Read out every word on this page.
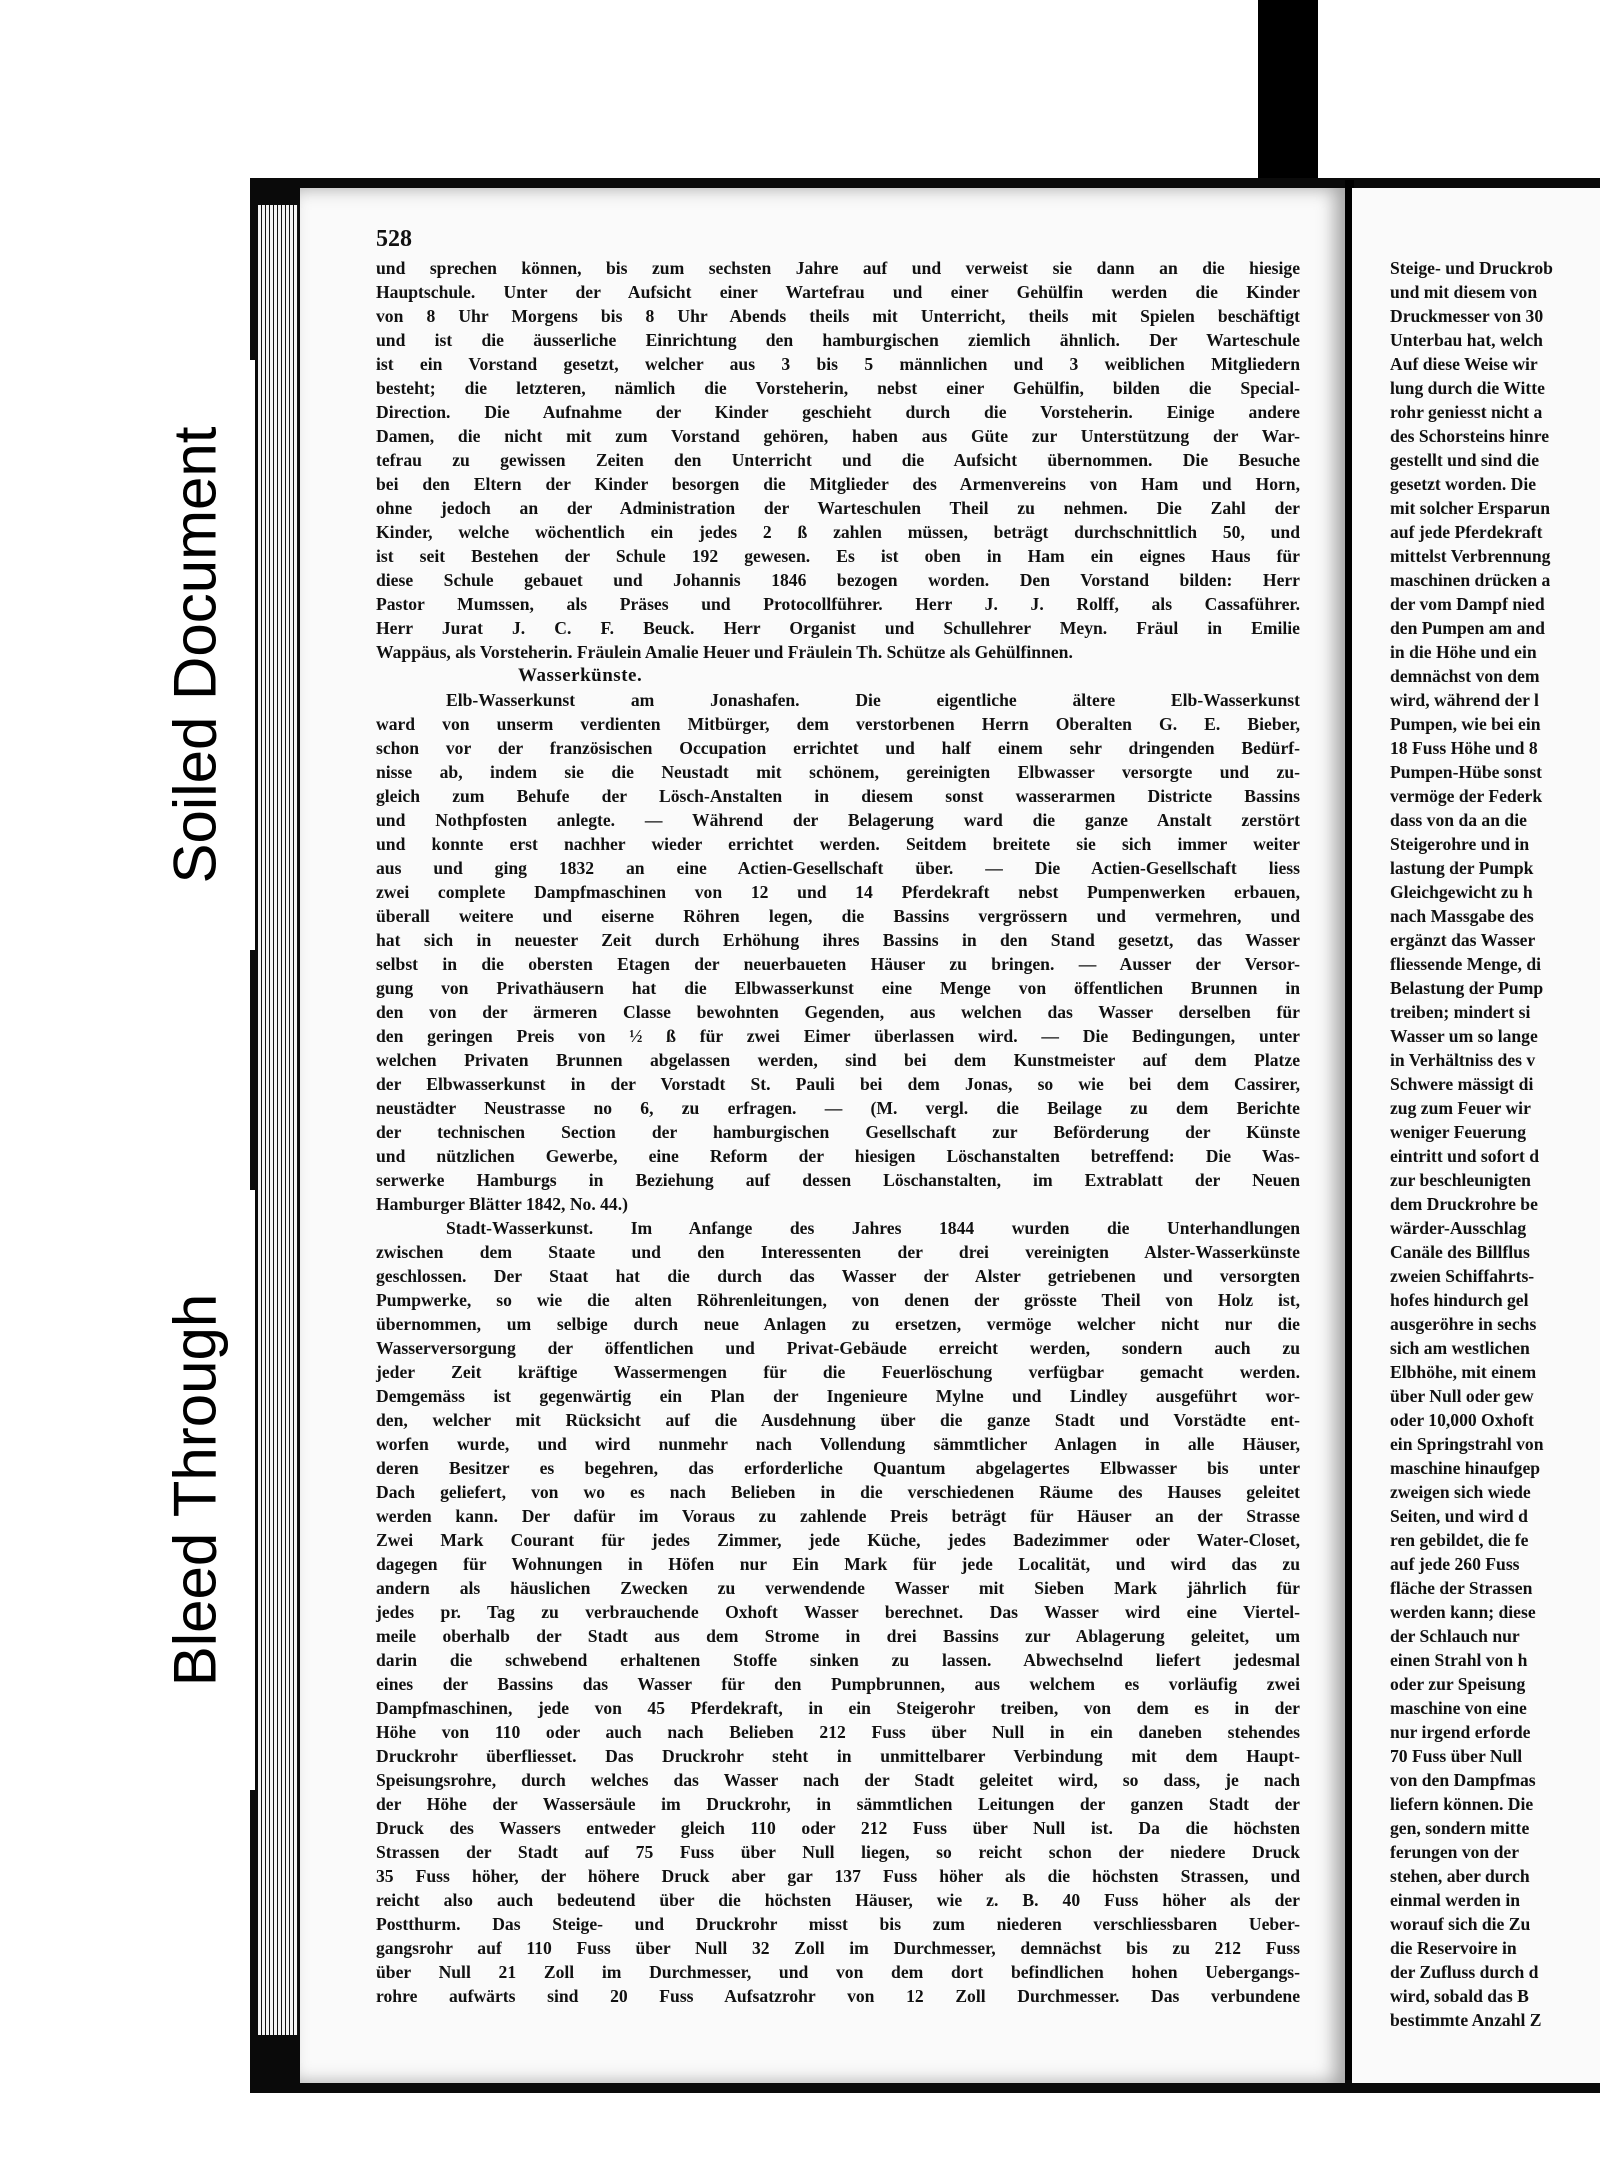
528
und sprechen können, bis zum sechsten Jahre auf und verweist sie dann an die hiesige
Hauptschule. Unter der Aufsicht einer Wartefrau und einer Gehülfin werden die Kinder
von 8 Uhr Morgens bis 8 Uhr Abends theils mit Unterricht, theils mit Spielen beschäftigt
und ist die äusserliche Einrichtung den hamburgischen ziemlich ähnlich. Der Warteschule
ist ein Vorstand gesetzt, welcher aus 3 bis 5 männlichen und 3 weiblichen Mitgliedern
besteht; die letzteren, nämlich die Vorsteherin, nebst einer Gehülfin, bilden die Special-
Direction. Die Aufnahme der Kinder geschieht durch die Vorsteherin. Einige andere
Damen, die nicht mit zum Vorstand gehören, haben aus Güte zur Unterstützung der War-
tefrau zu gewissen Zeiten den Unterricht und die Aufsicht übernommen. Die Besuche
bei den Eltern der Kinder besorgen die Mitglieder des Armenvereins von Ham und Horn,
ohne jedoch an der Administration der Warteschulen Theil zu nehmen. Die Zahl der
Kinder, welche wöchentlich ein jedes 2 ß zahlen müssen, beträgt durchschnittlich 50, und
ist seit Bestehen der Schule 192 gewesen. Es ist oben in Ham ein eignes Haus für
diese Schule gebauet und Johannis 1846 bezogen worden. Den Vorstand bilden: Herr
Pastor Mumssen, als Präses und Protocollführer. Herr J. J. Rolff, als Cassaführer.
Herr Jurat J. C. F. Beuck. Herr Organist und Schullehrer Meyn. Fräul in Emilie
Wappäus, als Vorsteherin. Fräulein Amalie Heuer und Fräulein Th. Schütze als Gehülfinnen.
Wasserkünste.
Elb-Wasserkunst am Jonashafen. Die eigentliche ältere Elb-Wasserkunst
ward von unserm verdienten Mitbürger, dem verstorbenen Herrn Oberalten G. E. Bieber,
schon vor der französischen Occupation errichtet und half einem sehr dringenden Bedürf-
nisse ab, indem sie die Neustadt mit schönem, gereinigten Elbwasser versorgte und zu-
gleich zum Behufe der Lösch-Anstalten in diesem sonst wasserarmen Districte Bassins
und Nothpfosten anlegte. — Während der Belagerung ward die ganze Anstalt zerstört
und konnte erst nachher wieder errichtet werden. Seitdem breitete sie sich immer weiter
aus und ging 1832 an eine Actien-Gesellschaft über. — Die Actien-Gesellschaft liess
zwei complete Dampfmaschinen von 12 und 14 Pferdekraft nebst Pumpenwerken erbauen,
überall weitere und eiserne Röhren legen, die Bassins vergrössern und vermehren, und
hat sich in neuester Zeit durch Erhöhung ihres Bassins in den Stand gesetzt, das Wasser
selbst in die obersten Etagen der neuerbaueten Häuser zu bringen. — Ausser der Versor-
gung von Privathäusern hat die Elbwasserkunst eine Menge von öffentlichen Brunnen in
den von der ärmeren Classe bewohnten Gegenden, aus welchen das Wasser derselben für
den geringen Preis von ½ ß für zwei Eimer überlassen wird. — Die Bedingungen, unter
welchen Privaten Brunnen abgelassen werden, sind bei dem Kunstmeister auf dem Platze
der Elbwasserkunst in der Vorstadt St. Pauli bei dem Jonas, so wie bei dem Cassirer,
neustädter Neustrasse no 6, zu erfragen. — (M. vergl. die Beilage zu dem Berichte
der technischen Section der hamburgischen Gesellschaft zur Beförderung der Künste
und nützlichen Gewerbe, eine Reform der hiesigen Löschanstalten betreffend: Die Was-
serwerke Hamburgs in Beziehung auf dessen Löschanstalten, im Extrablatt der Neuen
Hamburger Blätter 1842, No. 44.)
Stadt-Wasserkunst. Im Anfange des Jahres 1844 wurden die Unterhandlungen
zwischen dem Staate und den Interessenten der drei vereinigten Alster-Wasserkünste
geschlossen. Der Staat hat die durch das Wasser der Alster getriebenen und versorgten
Pumpwerke, so wie die alten Röhrenleitungen, von denen der grösste Theil von Holz ist,
übernommen, um selbige durch neue Anlagen zu ersetzen, vermöge welcher nicht nur die
Wasserversorgung der öffentlichen und Privat-Gebäude erreicht werden, sondern auch zu
jeder Zeit kräftige Wassermengen für die Feuerlöschung verfügbar gemacht werden.
Demgemäss ist gegenwärtig ein Plan der Ingenieure Mylne und Lindley ausgeführt wor-
den, welcher mit Rücksicht auf die Ausdehnung über die ganze Stadt und Vorstädte ent-
worfen wurde, und wird nunmehr nach Vollendung sämmtlicher Anlagen in alle Häuser,
deren Besitzer es begehren, das erforderliche Quantum abgelagertes Elbwasser bis unter
Dach geliefert, von wo es nach Belieben in die verschiedenen Räume des Hauses geleitet
werden kann. Der dafür im Voraus zu zahlende Preis beträgt für Häuser an der Strasse
Zwei Mark Courant für jedes Zimmer, jede Küche, jedes Badezimmer oder Water-Closet,
dagegen für Wohnungen in Höfen nur Ein Mark für jede Localität, und wird das zu
andern als häuslichen Zwecken zu verwendende Wasser mit Sieben Mark jährlich für
jedes pr. Tag zu verbrauchende Oxhoft Wasser berechnet. Das Wasser wird eine Viertel-
meile oberhalb der Stadt aus dem Strome in drei Bassins zur Ablagerung geleitet, um
darin die schwebend erhaltenen Stoffe sinken zu lassen. Abwechselnd liefert jedesmal
eines der Bassins das Wasser für den Pumpbrunnen, aus welchem es vorläufig zwei
Dampfmaschinen, jede von 45 Pferdekraft, in ein Steigerohr treiben, von dem es in der
Höhe von 110 oder auch nach Belieben 212 Fuss über Null in ein daneben stehendes
Druckrohr überfliesset. Das Druckrohr steht in unmittelbarer Verbindung mit dem Haupt-
Speisungsrohre, durch welches das Wasser nach der Stadt geleitet wird, so dass, je nach
der Höhe der Wassersäule im Druckrohr, in sämmtlichen Leitungen der ganzen Stadt der
Druck des Wassers entweder gleich 110 oder 212 Fuss über Null ist. Da die höchsten
Strassen der Stadt auf 75 Fuss über Null liegen, so reicht schon der niedere Druck
35 Fuss höher, der höhere Druck aber gar 137 Fuss höher als die höchsten Strassen, und
reicht also auch bedeutend über die höchsten Häuser, wie z. B. 40 Fuss höher als der
Postthurm. Das Steige- und Druckrohr misst bis zum niederen verschliessbaren Ueber-
gangsrohr auf 110 Fuss über Null 32 Zoll im Durchmesser, demnächst bis zu 212 Fuss
über Null 21 Zoll im Durchmesser, und von dem dort befindlichen hohen Uebergangs-
rohre aufwärts sind 20 Fuss Aufsatzrohr von 12 Zoll Durchmesser. Das verbundene
Steige- und Druckrob
und mit diesem von
Druckmesser von 30
Unterbau hat, welch
Auf diese Weise wir
lung durch die Witte
rohr geniesst nicht a
des Schorsteins hinre
gestellt und sind die
gesetzt worden. Die
mit solcher Ersparun
auf jede Pferdekraft
mittelst Verbrennung
maschinen drücken a
der vom Dampf nied
den Pumpen am and
in die Höhe und ein
demnächst von dem
wird, während der l
Pumpen, wie bei ein
18 Fuss Höhe und 8
Pumpen-Hübe sonst
vermöge der Federk
dass von da an die
Steigerohre und in
lastung der Pumpk
Gleichgewicht zu h
nach Massgabe des
ergänzt das Wasser
fliessende Menge, di
Belastung der Pump
treiben; mindert si
Wasser um so lange
in Verhältniss des v
Schwere mässigt di
zug zum Feuer wir
weniger Feuerung
eintritt und sofort d
zur beschleunigten
dem Druckrohre be
wärder-Ausschlag
Canäle des Billflus
zweien Schiffahrts-
hofes hindurch gel
ausgeröhre in sechs
sich am westlichen
Elbhöhe, mit einem
über Null oder gew
oder 10,000 Oxhoft
ein Springstrahl von
maschine hinaufgep
zweigen sich wiede
Seiten, und wird d
ren gebildet, die fe
auf jede 260 Fuss
fläche der Strassen
werden kann; diese
der Schlauch nur
einen Strahl von h
oder zur Speisung
maschine von eine
nur irgend erforde
70 Fuss über Null
von den Dampfmas
liefern können. Die
gen, sondern mitte
ferungen von der
stehen, aber durch
einmal werden in
worauf sich die Zu
die Reservoire in
der Zufluss durch d
wird, sobald das B
bestimmte Anzahl Z
Soiled Document
Bleed Through
